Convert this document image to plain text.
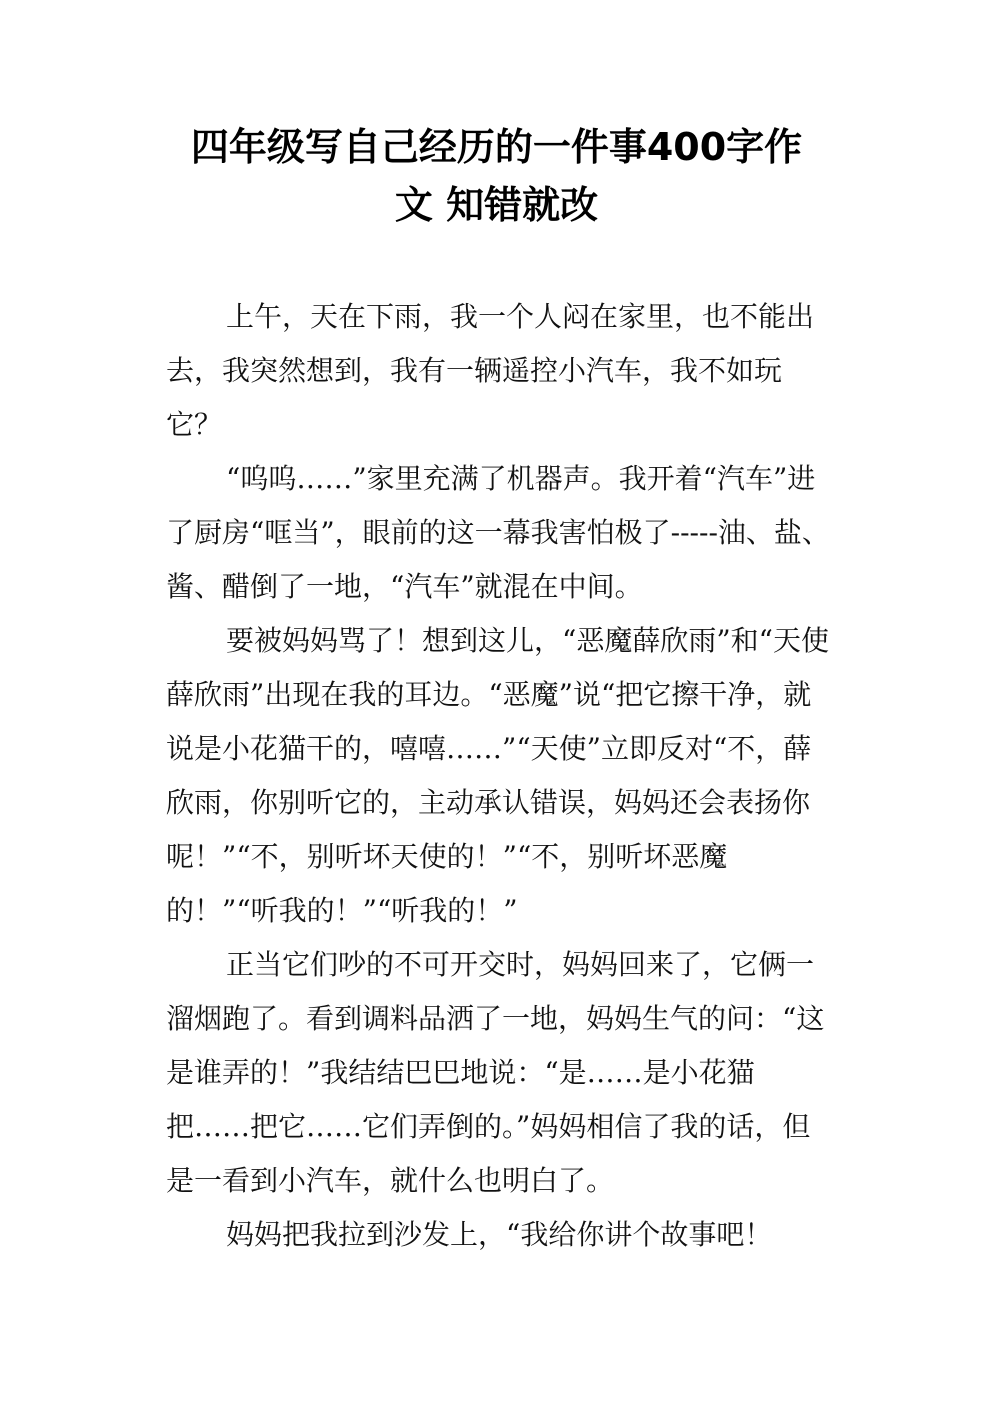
四年级写自己经历的一件事400字作
文 知错就改

上午，天在下雨，我一个人闷在家里，也不能出去，我突然想到，我有一辆遥控小汽车，我不如玩它？

“呜呜……”家里充满了机器声。我开着“汽车”进了厨房“哐当”，眼前的这一幕我害怕极了-----油、盐、酱、醋倒了一地，“汽车”就混在中间。

要被妈妈骂了！想到这儿，“恶魔薛欣雨”和“天使薛欣雨”出现在我的耳边。“恶魔”说“把它擦干净，就说是小花猫干的，嘻嘻……”“天使”立即反对“不，薛欣雨，你别听它的，主动承认错误，妈妈还会表扬你呢！”“不，别听坏天使的！”“不，别听坏恶魔的！”“听我的！”“听我的！”

正当它们吵的不可开交时，妈妈回来了，它俩一溜烟跑了。看到调料品洒了一地，妈妈生气的问：“这是谁弄的！”我结结巴巴地说：“是……是小花猫把……把它……它们弄倒的。”妈妈相信了我的话，但是一看到小汽车，就什么也明白了。

妈妈把我拉到沙发上，“我给你讲个故事吧！
